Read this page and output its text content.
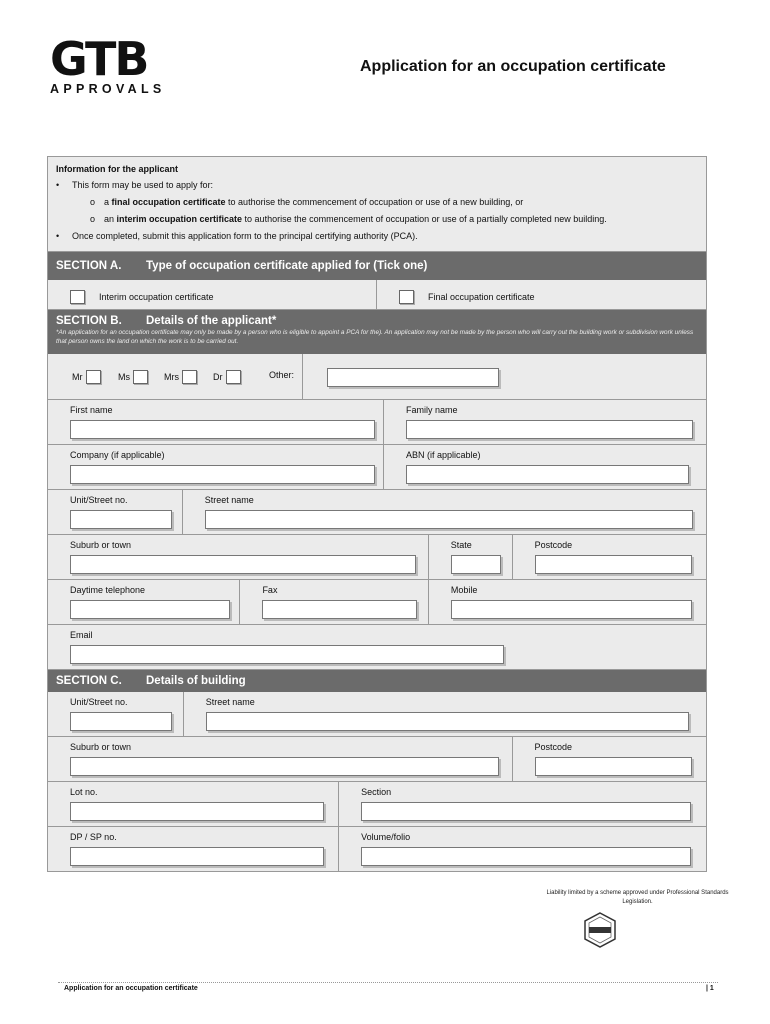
GTB
APPROVALS
Application for an occupation certificate
Information for the applicant
• This form may be used to apply for:
o a final occupation certificate to authorise the commencement of occupation or use of a new building, or
o an interim occupation certificate to authorise the commencement of occupation or use of a partially completed new building.
• Once completed, submit this application form to the principal certifying authority (PCA).
SECTION A.	Type of occupation certificate applied for (Tick one)
Interim occupation certificate	Final occupation certificate
SECTION B.	Details of the applicant*
*An application for an occupation certificate may only be made by a person who is eligible to appoint a PCA for the). An application may not be made by the person who will carry out the building work or subdivision work unless that person owns the land on which the work is to be carried out.
Mr	Ms	Mrs	Dr	Other:
First name	Family name
Company (if applicable)	ABN (if applicable)
Unit/Street no.	Street name
Suburb or town	State	Postcode
Daytime telephone	Fax	Mobile
Email
SECTION C.	Details of building
Unit/Street no.	Street name
Suburb or town	Postcode
Lot no.	Section
DP / SP no.	Volume/folio
Liability limited by a scheme approved under Professional Standards Legislation.
Application for an occupation certificate	| 1
